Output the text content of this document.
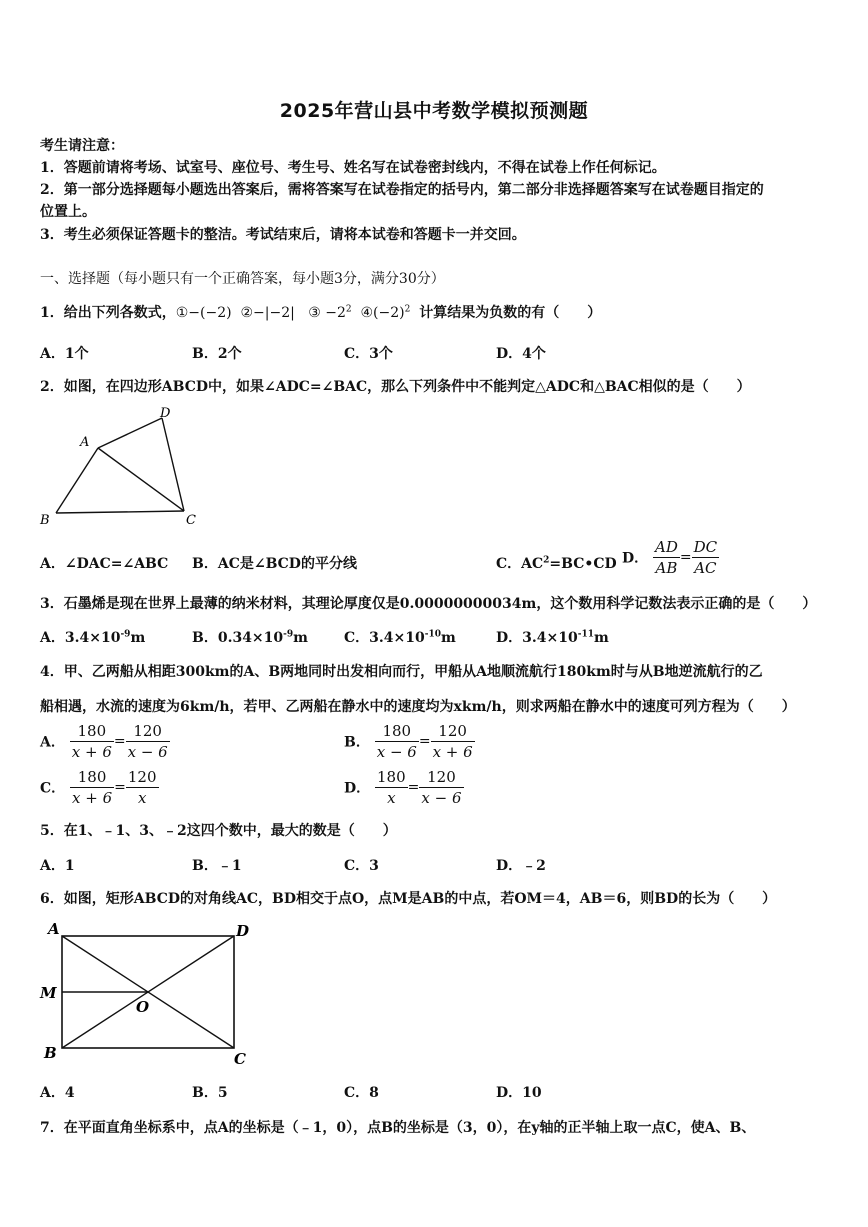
2025年营山县中考数学模拟预测题
考生请注意：
1．答题前请将考场、试室号、座位号、考生号、姓名写在试卷密封线内，不得在试卷上作任何标记。
2．第一部分选择题每小题选出答案后，需将答案写在试卷指定的括号内，第二部分非选择题答案写在试卷题目指定的
位置上。
3．考生必须保证答题卡的整洁。考试结束后，请将本试卷和答题卡一并交回。
一、选择题（每小题只有一个正确答案，每小题3分，满分30分）
1．给出下列各数式，①−(−2) ②−|−2| ③ $-2^2$ $④(-2)^2$ 计算结果为负数的有（　　）
A．1个	B．2个	C．3个	D．4个
2．如图，在四边形ABCD中，如果∠ADC=∠BAC，那么下列条件中不能判定△ADC和△BAC相似的是（　　）
A
D
B	C
A．∠DAC=∠ABC B．AC是∠BCD的平分线	C．$AC^2=BC•CD$ D． $\frac{AD}{AB} = \frac{DC}{AC}$
3．石墨烯是现在世界上最薄的纳米材料，其理论厚度仅是0.00000000034m，这个数用科学记数法表示正确的是（　　）
A．$3.4\times 10^{-9}m$	B．$0.34\times 10^{-9}m$	C．$3.4\times 10^{-10}m$	D．$3.4\times 10^{-11}m$
4．甲、乙两船从相距300km的A、B两地同时出发相向而行，甲船从A地顺流航行180km时与从B地逆流航行的乙
船相遇，水流的速度为6km/h，若甲、乙两船在静水中的速度均为xkm/h，则求两船在静水中的速度可列方程为（　　）
A． $\frac{180}{x + 6} = \frac{120}{x - 6}$	B． $\frac{180}{x - 6} = \frac{120}{x + 6}$
C． $\frac{180}{x + 6} = \frac{120}{x}$	D． $\frac{180}{x} = \frac{120}{x - 6}$
5．在1、﹣1、3、﹣2这四个数中，最大的数是（　　）
A．1	B．﹣1	C．3	D．﹣2
6．如图，矩形ABCD的对角线AC，BD相交于点O，点M是AB的中点，若OM＝4，AB＝6，则BD的长为（　　）
A	D
M
O
B	C
A．4	B．5	C．8	D．10
7．在平面直角坐标系中，点A的坐标是（﹣1，0），点B的坐标是（3，0），在y轴的正半轴上取一点C，使A、B、
